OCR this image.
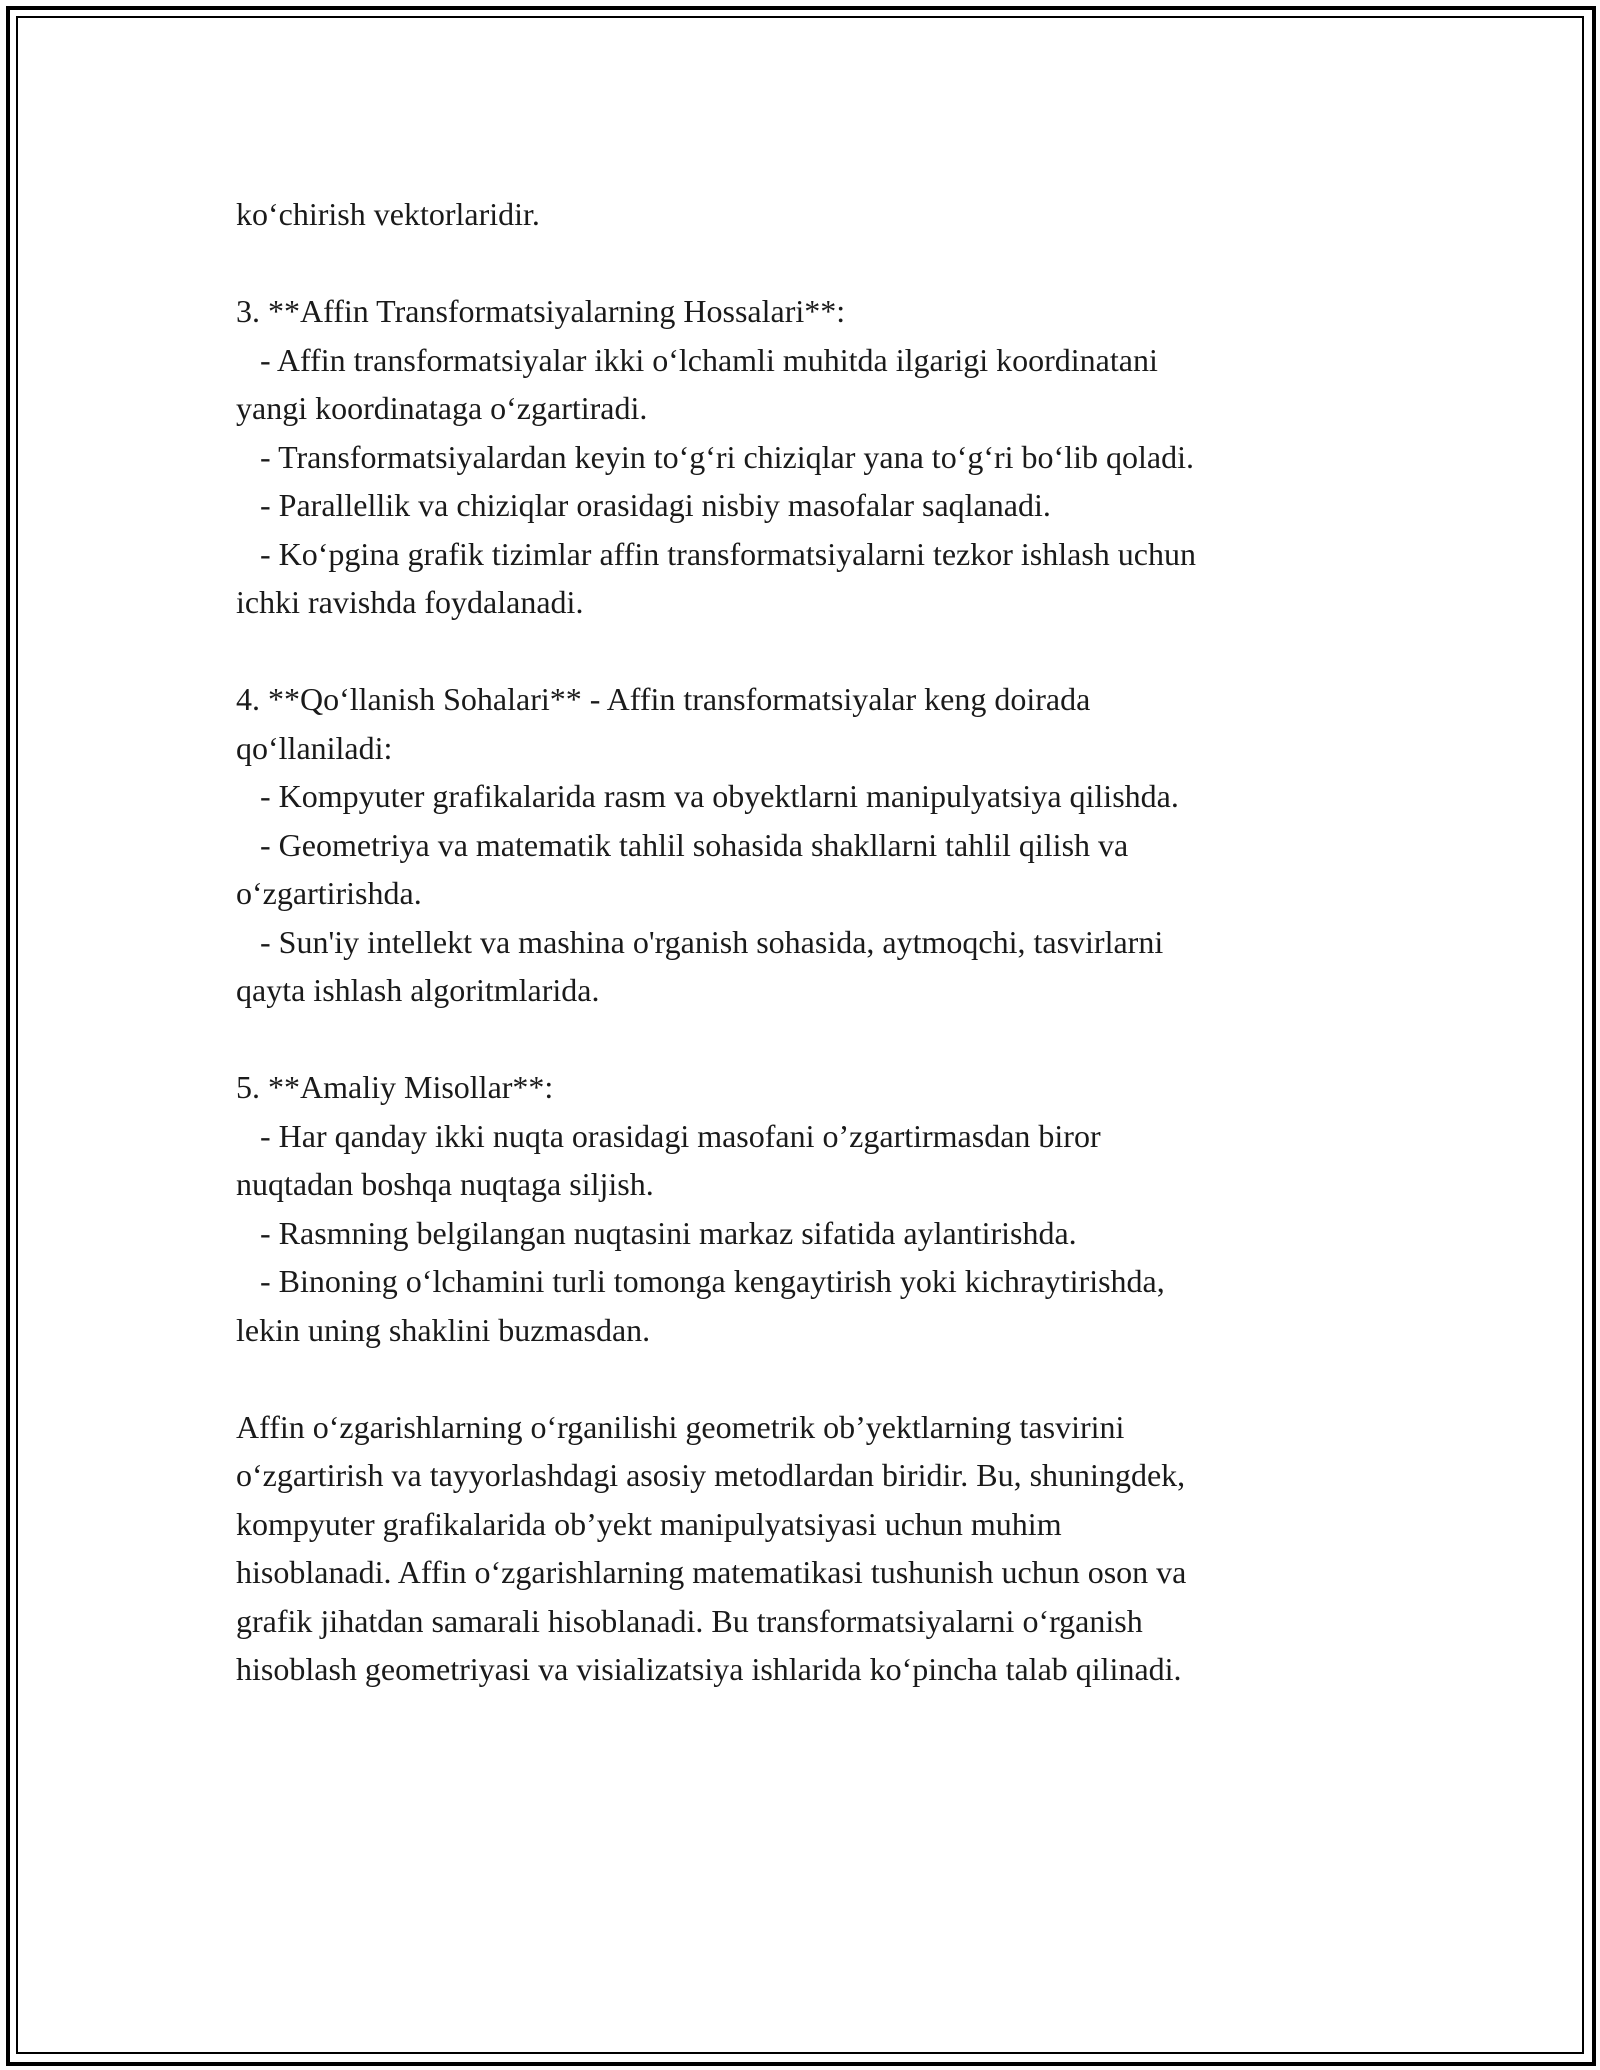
ko‘chirish vektorlaridir.
3. **Affin Transformatsiyalarning Hossalari**:
- Affin transformatsiyalar ikki o‘lchamli muhitda ilgarigi koordinatani
yangi koordinataga o‘zgartiradi.
- Transformatsiyalardan keyin to‘g‘ri chiziqlar yana to‘g‘ri bo‘lib qoladi.
- Parallellik va chiziqlar orasidagi nisbiy masofalar saqlanadi.
- Ko‘pgina grafik tizimlar affin transformatsiyalarni tezkor ishlash uchun
ichki ravishda foydalanadi.
4. **Qo‘llanish Sohalari** - Affin transformatsiyalar keng doirada
qo‘llaniladi:
- Kompyuter grafikalarida rasm va obyektlarni manipulyatsiya qilishda.
- Geometriya va matematik tahlil sohasida shakllarni tahlil qilish va
o‘zgartirishda.
- Sun'iy intellekt va mashina o'rganish sohasida, aytmoqchi, tasvirlarni
qayta ishlash algoritmlarida.
5. **Amaliy Misollar**:
- Har qanday ikki nuqta orasidagi masofani o’zgartirmasdan biror
nuqtadan boshqa nuqtaga siljish.
- Rasmning belgilangan nuqtasini markaz sifatida aylantirishda.
- Binoning o‘lchamini turli tomonga kengaytirish yoki kichraytirishda,
lekin uning shaklini buzmasdan.
Affin o‘zgarishlarning o‘rganilishi geometrik ob’yektlarning tasvirini
o‘zgartirish va tayyorlashdagi asosiy metodlardan biridir. Bu, shuningdek,
kompyuter grafikalarida ob’yekt manipulyatsiyasi uchun muhim
hisoblanadi. Affin o‘zgarishlarning matematikasi tushunish uchun oson va
grafik jihatdan samarali hisoblanadi. Bu transformatsiyalarni o‘rganish
hisoblash geometriyasi va visializatsiya ishlarida ko‘pincha talab qilinadi.
